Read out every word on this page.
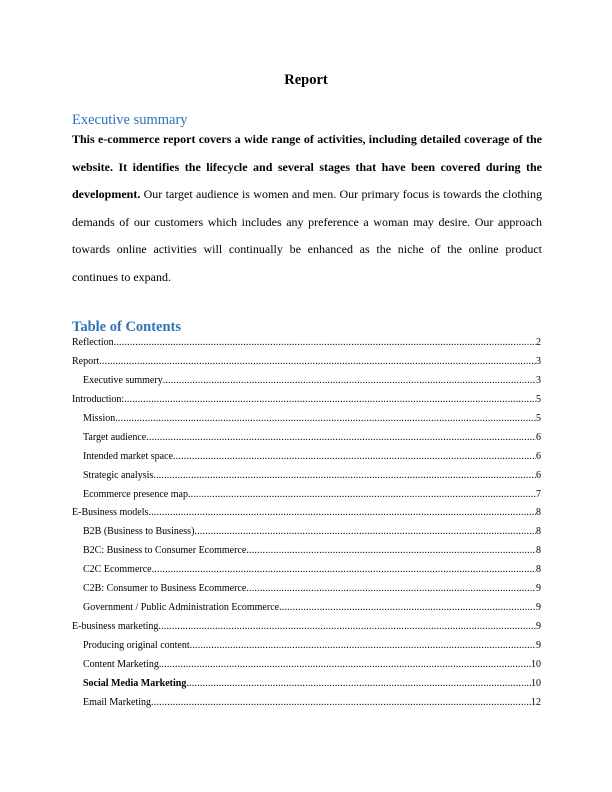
Report
Executive summary
This e-commerce report covers a wide range of activities, including detailed coverage of the website. It identifies the lifecycle and several stages that have been covered during the development. Our target audience is women and men. Our primary focus is towards the clothing demands of our customers which includes any preference a woman may desire. Our approach towards online activities will continually be enhanced as the niche of the online product continues to expand.
Table of Contents
Reflection .....	2
Report .....	3
Executive summery .....	3
Introduction: .....	5
Mission .....	5
Target audience .....	6
Intended market space .....	6
Strategic analysis .....	6
Ecommerce presence map .....	7
E-Business models .....	8
B2B (Business to Business) .....	8
B2C: Business to Consumer Ecommerce .....	8
C2C Ecommerce .....	8
C2B: Consumer to Business Ecommerce .....	9
Government / Public Administration Ecommerce .....	9
E-business marketing .....	9
Producing original content .....	9
Content Marketing .....	10
Social Media Marketing .....	10
Email Marketing .....	12
